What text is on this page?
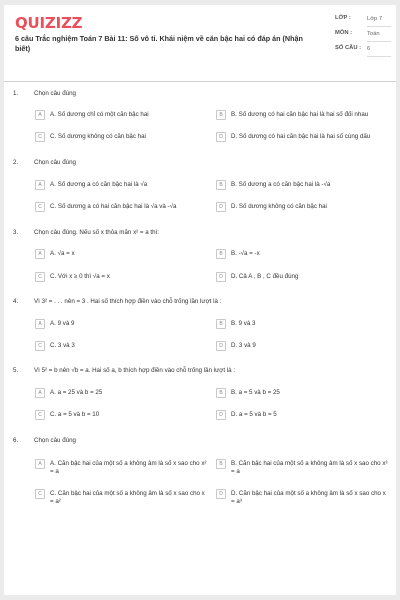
QUIZIZZ
6 câu Trắc nghiệm Toán 7 Bài 11: Số vô tỉ. Khái niệm về căn bậc hai có đáp án (Nhận biết)
LỚP :	Lớp 7
MÔN :	Toán
SỐ CÂU :	6
1.	Chọn câu đúng
A	A. Số dương chỉ có một căn bậc hai	B	B. Số dương có hai căn bậc hai là hai số đối nhau
C	C. Số dương không có căn bậc hai	D	D. Số dương có hai căn bậc hai là hai số cùng dấu
2.	Chọn câu đúng
A	A. Số dương a có căn bậc hai là √a	B	B. Số dương a có căn bậc hai là -√a
C	C. Số dương a có hai căn bậc hai là √a và -√a	D	D. Số dương không có căn bậc hai
3.	Chọn câu đúng. Nếu số x thỏa mãn x² = a thì:
A	A. √a = x	B	B. -√a = -x
C	C. Với x ≥ 0 thì √a = x	D	D. Cả A , B , C đều đúng
4.	Vì 3² = . . . nên = 3 . Hai số thích hợp điền vào chỗ trống lần lượt là :
A	A. 9 và 9	B	B. 9 và 3
C	C. 3 và 3	D	D. 3 và 9
5.	Vì 5² = b nên √b = a. Hai số a, b thích hợp điền vào chỗ trống lần lượt là :
A	A. a = 25 và b = 25	B	B. a = 5 và b = 25
C	C. a = 5 và b = 10	D	D. a = 5 và b = 5
6.	Chọn câu đúng
A	A. Căn bậc hai của một số a không âm là số x sao cho x² = a
B	B. Căn bậc hai của một số a không âm là số x sao cho x³ = a
C	C. Căn bậc hai của một số a không âm là số x sao cho x = a²
D	D. Căn bậc hai của một số a không âm là số x sao cho x = a³
